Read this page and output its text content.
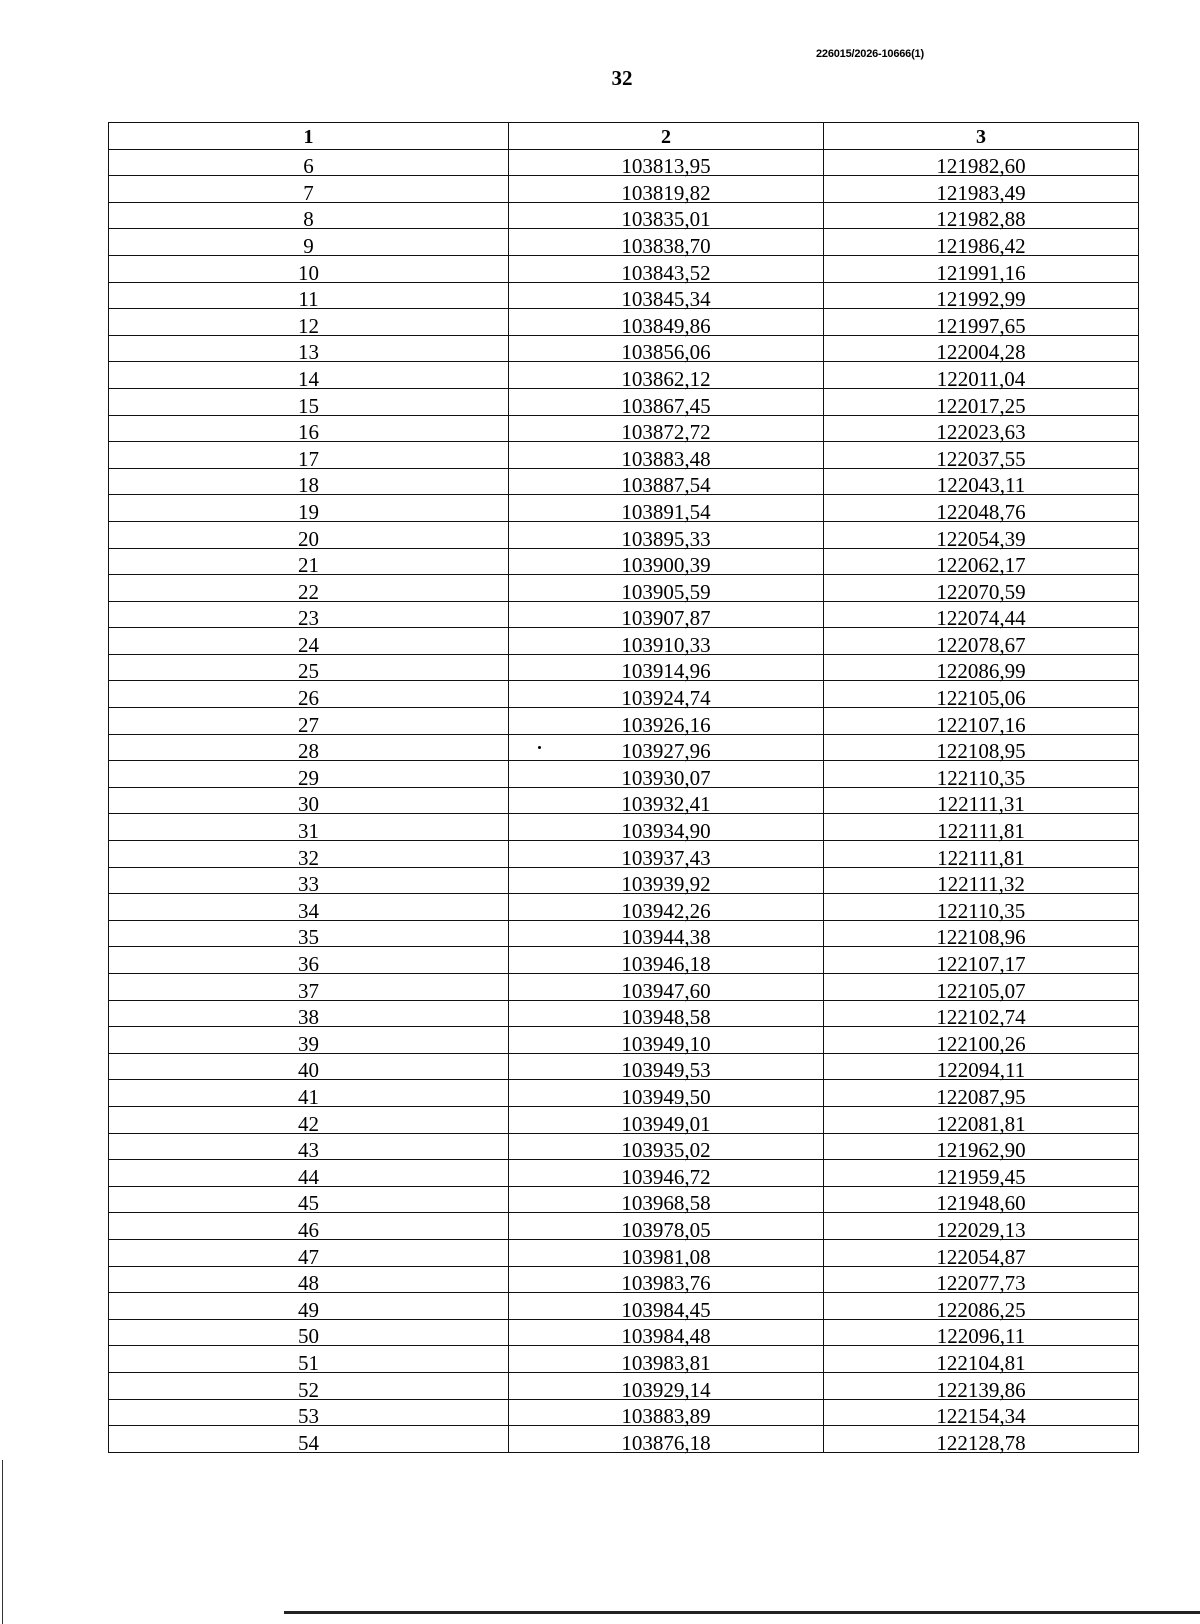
226015/2026-10666(1)
32
1	2	3
6	103813,95	121982,60
7	103819,82	121983,49
8	103835,01	121982,88
9	103838,70	121986,42
10	103843,52	121991,16
11	103845,34	121992,99
12	103849,86	121997,65
13	103856,06	122004,28
14	103862,12	122011,04
15	103867,45	122017,25
16	103872,72	122023,63
17	103883,48	122037,55
18	103887,54	122043,11
19	103891,54	122048,76
20	103895,33	122054,39
21	103900,39	122062,17
22	103905,59	122070,59
23	103907,87	122074,44
24	103910,33	122078,67
25	103914,96	122086,99
26	103924,74	122105,06
27	103926,16	122107,16
28	103927,96	122108,95
29	103930,07	122110,35
30	103932,41	122111,31
31	103934,90	122111,81
32	103937,43	122111,81
33	103939,92	122111,32
34	103942,26	122110,35
35	103944,38	122108,96
36	103946,18	122107,17
37	103947,60	122105,07
38	103948,58	122102,74
39	103949,10	122100,26
40	103949,53	122094,11
41	103949,50	122087,95
42	103949,01	122081,81
43	103935,02	121962,90
44	103946,72	121959,45
45	103968,58	121948,60
46	103978,05	122029,13
47	103981,08	122054,87
48	103983,76	122077,73
49	103984,45	122086,25
50	103984,48	122096,11
51	103983,81	122104,81
52	103929,14	122139,86
53	103883,89	122154,34
54	103876,18	122128,78
